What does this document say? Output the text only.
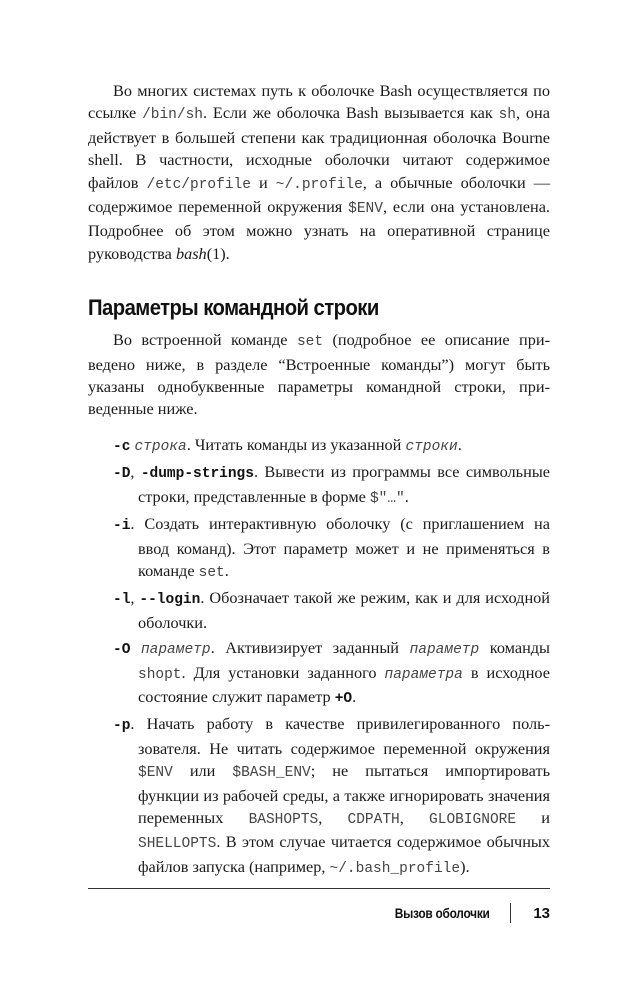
Во многих системах путь к оболочке Bash осуществляется по ссылке /bin/sh. Если же оболочка Bash вызывается как sh, она действует в большей степени как традиционная оболочка Bourne shell. В частности, исходные оболочки читают содержимое файлов /etc/profile и ~/.profile, а обычные оболочки — содержимое переменной окружения $ENV, если она установлена. Подробнее об этом можно узнать на оперативной странице руководства bash(1).

Параметры командной строки

Во встроенной команде set (подробное ее описание приведено ниже, в разделе “Встроенные команды”) могут быть указаны однобуквенные параметры командной строки, приведенные ниже.

-c строка. Читать команды из указанной строки.

-D, -dump-strings. Вывести из программы все символьные строки, представленные в форме $"…".

-i. Создать интерактивную оболочку (с приглашением на ввод команд). Этот параметр может и не применяться в команде set.

-l, --login. Обозначает такой же режим, как и для исходной оболочки.

-O параметр. Активизирует заданный параметр команды shopt. Для установки заданного параметра в исходное состояние служит параметр +O.

-p. Начать работу в качестве привилегированного пользователя. Не читать содержимое переменной окружения $ENV или $BASH_ENV; не пытаться импортировать функции из рабочей среды, а также игнорировать значения переменных BASHOPTS, CDPATH, GLOBIGNORE и SHELLOPTS. В этом случае читается содержимое обычных файлов запуска (например, ~/.bash_profile).

Вызов оболочки	13
